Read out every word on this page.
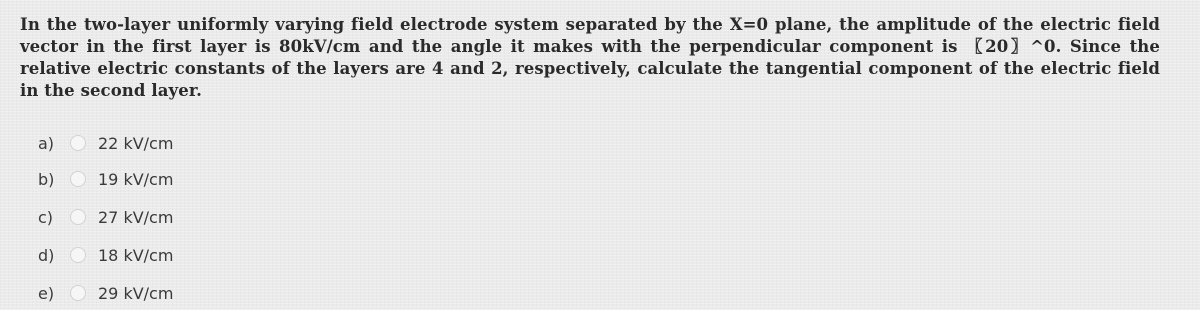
In the two-layer uniformly varying field electrode system separated by the X=0 plane, the amplitude of the electric field vector in the first layer is 80kV/cm and the angle it makes with the perpendicular component is 〖20〗^0. Since the relative electric constants of the layers are 4 and 2, respectively, calculate the tangential component of the electric field in the second layer.

a)	22 kV/cm
b)	19 kV/cm
c)	27 kV/cm
d)	18 kV/cm
e)	29 kV/cm
